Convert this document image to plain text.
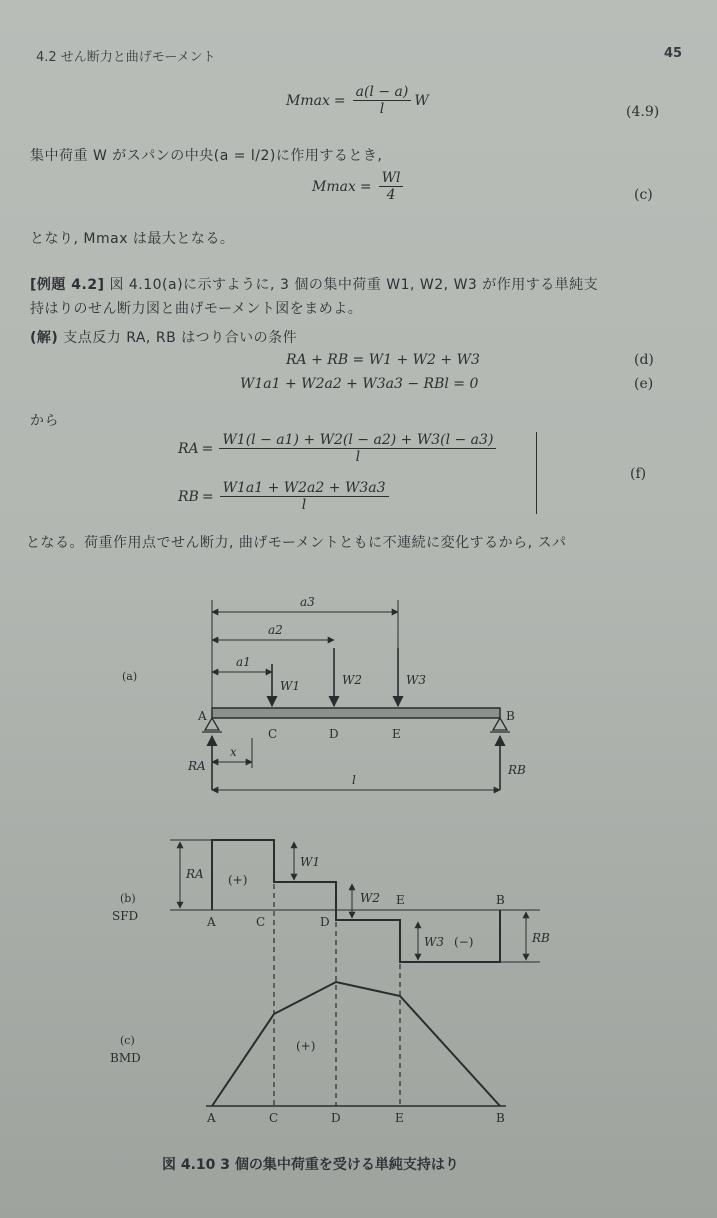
4.2 せん断力と曲げモーメント	45
$Mmax = \frac{a(l - a)}{l}$ W
(4.9)
集中荷重 W がスパンの中央(a = l/2)に作用するとき,
$Mmax = \frac{Wl}{4}$	(c)
となり, Mmax は最大となる。
[例題 4.2] 図 4.10(a)に示すように, 3 個の集中荷重 W1, W2, W3 が作用する単純支
持はりのせん断力図と曲げモーメント図をまめよ。
(解) 支点反力 RA, RB はつり合いの条件
RA + RB = W1 + W2 + W3	(d)
W1a1 + W2a2 + W3a3 − RBl = 0	(e)
から
RA = $\frac{W1(l - a1) + W2(l - a2) + W3(l - a3)}{l}$
RB = $\frac{W1a1 + W2a2 + W3a3}{l}$
(f)
となる。荷重作用点でせん断力, 曲げモーメントともに不連続に変化するから, スパ
(a)
a3
a2
a1
W1	W2	W3
A	B
C	D	E
RA	RB
x
l
(b)
SFD
RA (+)
W1
W2
W3 (−)	RB
A	C	D
E	B
(c)
BMD
(+)
A	C	D	E	B
図 4.10 3 個の集中荷重を受ける単純支持はり
